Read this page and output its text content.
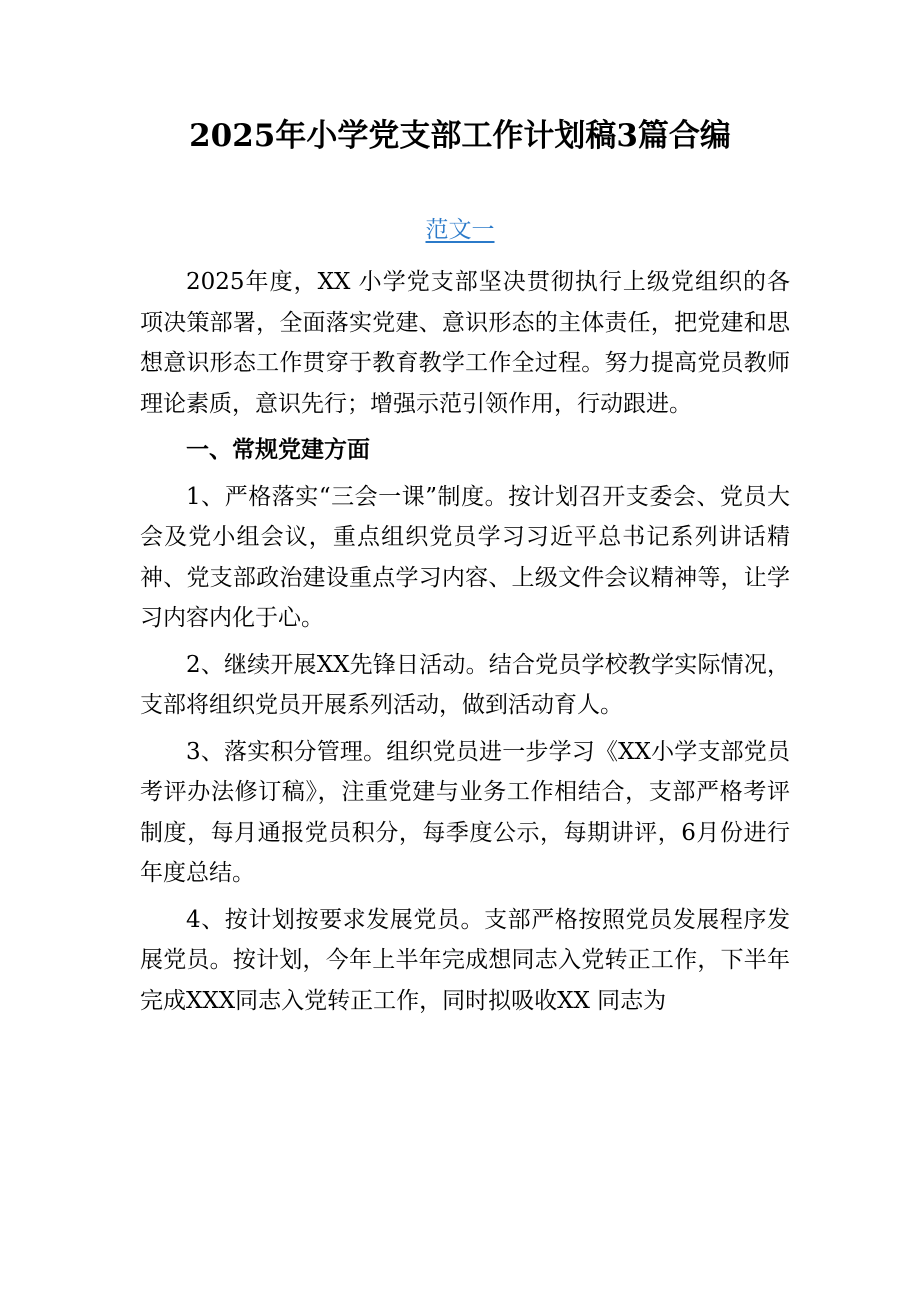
2025年小学党支部工作计划稿3篇合编
范文一

2025年度，XX 小学党支部坚决贯彻执行上级党组织的各项决策部署，全面落实党建、意识形态的主体责任，把党建和思想意识形态工作贯穿于教育教学工作全过程。努力提高党员教师理论素质，意识先行；增强示范引领作用，行动跟进。

一、常规党建方面

1、严格落实“三会一课”制度。按计划召开支委会、党员大会及党小组会议，重点组织党员学习习近平总书记系列讲话精神、党支部政治建设重点学习内容、上级文件会议精神等，让学习内容内化于心。

2、继续开展XX先锋日活动。结合党员学校教学实际情况，支部将组织党员开展系列活动，做到活动育人。

3、落实积分管理。组织党员进一步学习《XX小学支部党员考评办法修订稿》，注重党建与业务工作相结合，支部严格考评制度，每月通报党员积分，每季度公示，每期讲评，6月份进行年度总结。

4、按计划按要求发展党员。支部严格按照党员发展程序发展党员。按计划，今年上半年完成想同志入党转正工作，下半年完成XXX同志入党转正工作，同时拟吸收XX 同志为
